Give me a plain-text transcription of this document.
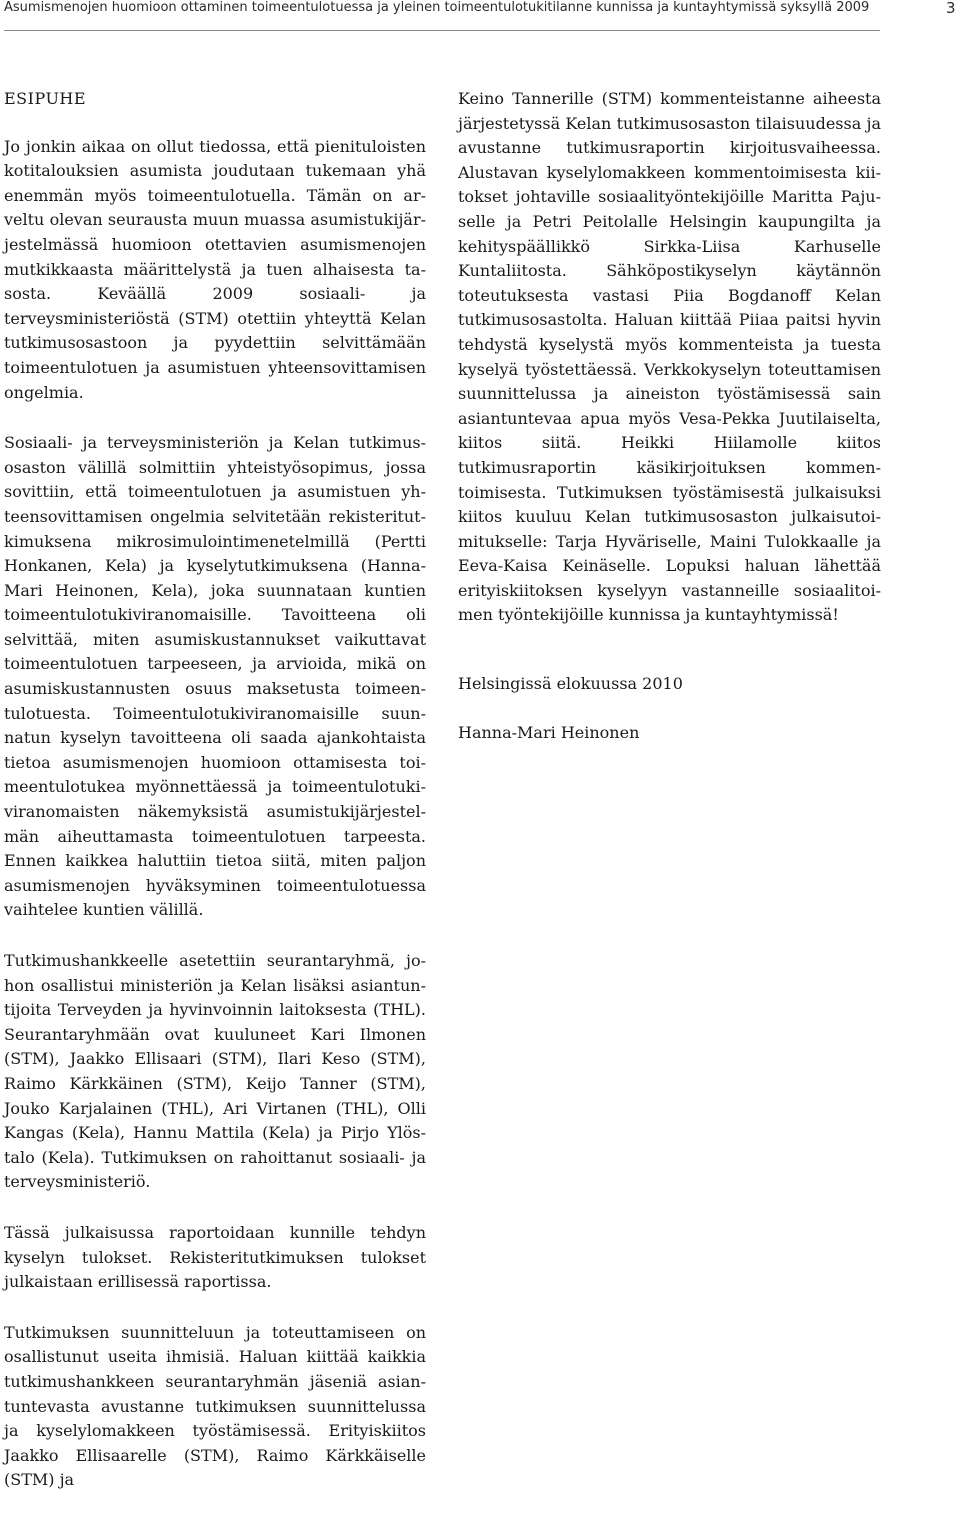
Asumismenojen huomioon ottaminen toimeentulotuessa ja yleinen toimeentulotukitilanne kunnissa ja kuntayhtymissä syksyllä 2009	3
ESIPUHE

Jo jonkin aikaa on ollut tiedossa, että pienituloisten kotitalouksien asumista joudutaan tukemaan yhä enemmän myös toimeentulotuella. Tämän on arveltu olevan seurausta muun muassa asumistukijärjestelmässä huomioon otettavien asumismenojen mutkikkaasta määrittelystä ja tuen alhaisesta tasosta. Keväällä 2009 sosiaali- ja terveysministeriöstä (STM) otettiin yhteyttä Kelan tutkimusosastoon ja pyydettiin selvittämään toimeentulotuen ja asumistuen yhteensovittamisen ongelmia.

Sosiaali- ja terveysministeriön ja Kelan tutkimusosaston välillä solmittiin yhteistyösopimus, jossa sovittiin, että toimeentulotuen ja asumistuen yhteensovittamisen ongelmia selvitetään rekisteritutkimuksena mikrosimulointimenetelmillä (Pertti Honkanen, Kela) ja kyselytutkimuksena (Hanna-Mari Heinonen, Kela), joka suunnataan kuntien toimeentulotukiviranomaisille. Tavoitteena oli selvittää, miten asumiskustannukset vaikuttavat toimeentulotuen tarpeeseen, ja arvioida, mikä on asumiskustannusten osuus maksetusta toimeentulotuesta. Toimeentulotukiviranomaisille suunnatun kyselyn tavoitteena oli saada ajankohtaista tietoa asumismenojen huomioon ottamisesta toimeentulotukea myönnettäessä ja toimeentulotukiviranomaisten näkemyksistä asumistukijärjestelmän aiheuttamasta toimeentulotuen tarpeesta. Ennen kaikkea haluttiin tietoa siitä, miten paljon asumismenojen hyväksyminen toimeentulotuessa vaihtelee kuntien välillä.

Tutkimushankkeelle asetettiin seurantaryhmä, johon osallistui ministeriön ja Kelan lisäksi asiantuntijoita Terveyden ja hyvinvoinnin laitoksesta (THL). Seurantaryhmään ovat kuuluneet Kari Ilmonen (STM), Jaakko Ellisaari (STM), Ilari Keso (STM), Raimo Kärkkäinen (STM), Keijo Tanner (STM), Jouko Karjalainen (THL), Ari Virtanen (THL), Olli Kangas (Kela), Hannu Mattila (Kela) ja Pirjo Ylöstalo (Kela). Tutkimuksen on rahoittanut sosiaali- ja terveysministeriö.

Tässä julkaisussa raportoidaan kunnille tehdyn kyselyn tulokset. Rekisteritutkimuksen tulokset julkaistaan erillisessä raportissa.

Tutkimuksen suunnitteluun ja toteuttamiseen on osallistunut useita ihmisiä. Haluan kiittää kaikkia tutkimushankkeen seurantaryhmän jäseniä asiantuntevasta avustanne tutkimuksen suunnittelussa ja kyselylomakkeen työstämisessä. Erityiskiitos Jaakko Ellisaarelle (STM), Raimo Kärkkäiselle (STM) ja

Keino Tannerille (STM) kommenteistanne aiheesta järjestetyssä Kelan tutkimusosaston tilaisuudessa ja avustanne tutkimusraportin kirjoitusvaiheessa. Alustavan kyselylomakkeen kommentoimisesta kiitokset johtaville sosiaalityöntekijöille Maritta Pajuselle ja Petri Peitolalle Helsingin kaupungilta ja kehityspäällikkö Sirkka-Liisa Karhuselle Kuntaliitosta. Sähköpostikyselyn käytännön toteutuksesta vastasi Piia Bogdanoff Kelan tutkimusosastolta. Haluan kiittää Piiaa paitsi hyvin tehdystä kyselystä myös kommenteista ja tuesta kyselyä työstettäessä. Verkkokyselyn toteuttamisen suunnittelussa ja aineiston työstämisessä sain asiantuntevaa apua myös Vesa-Pekka Juutilaiselta, kiitos siitä. Heikki Hiilamolle kiitos tutkimusraportin käsikirjoituksen kommentoimisesta. Tutkimuksen työstämisestä julkaisuksi kiitos kuuluu Kelan tutkimusosaston julkaisutoimitukselle: Tarja Hyväriselle, Maini Tulokkaalle ja Eeva-Kaisa Keinäselle. Lopuksi haluan lähettää erityiskiitoksen kyselyyn vastanneille sosiaalitoimen työntekijöille kunnissa ja kuntayhtymissä!

Helsingissä elokuussa 2010

Hanna-Mari Heinonen
